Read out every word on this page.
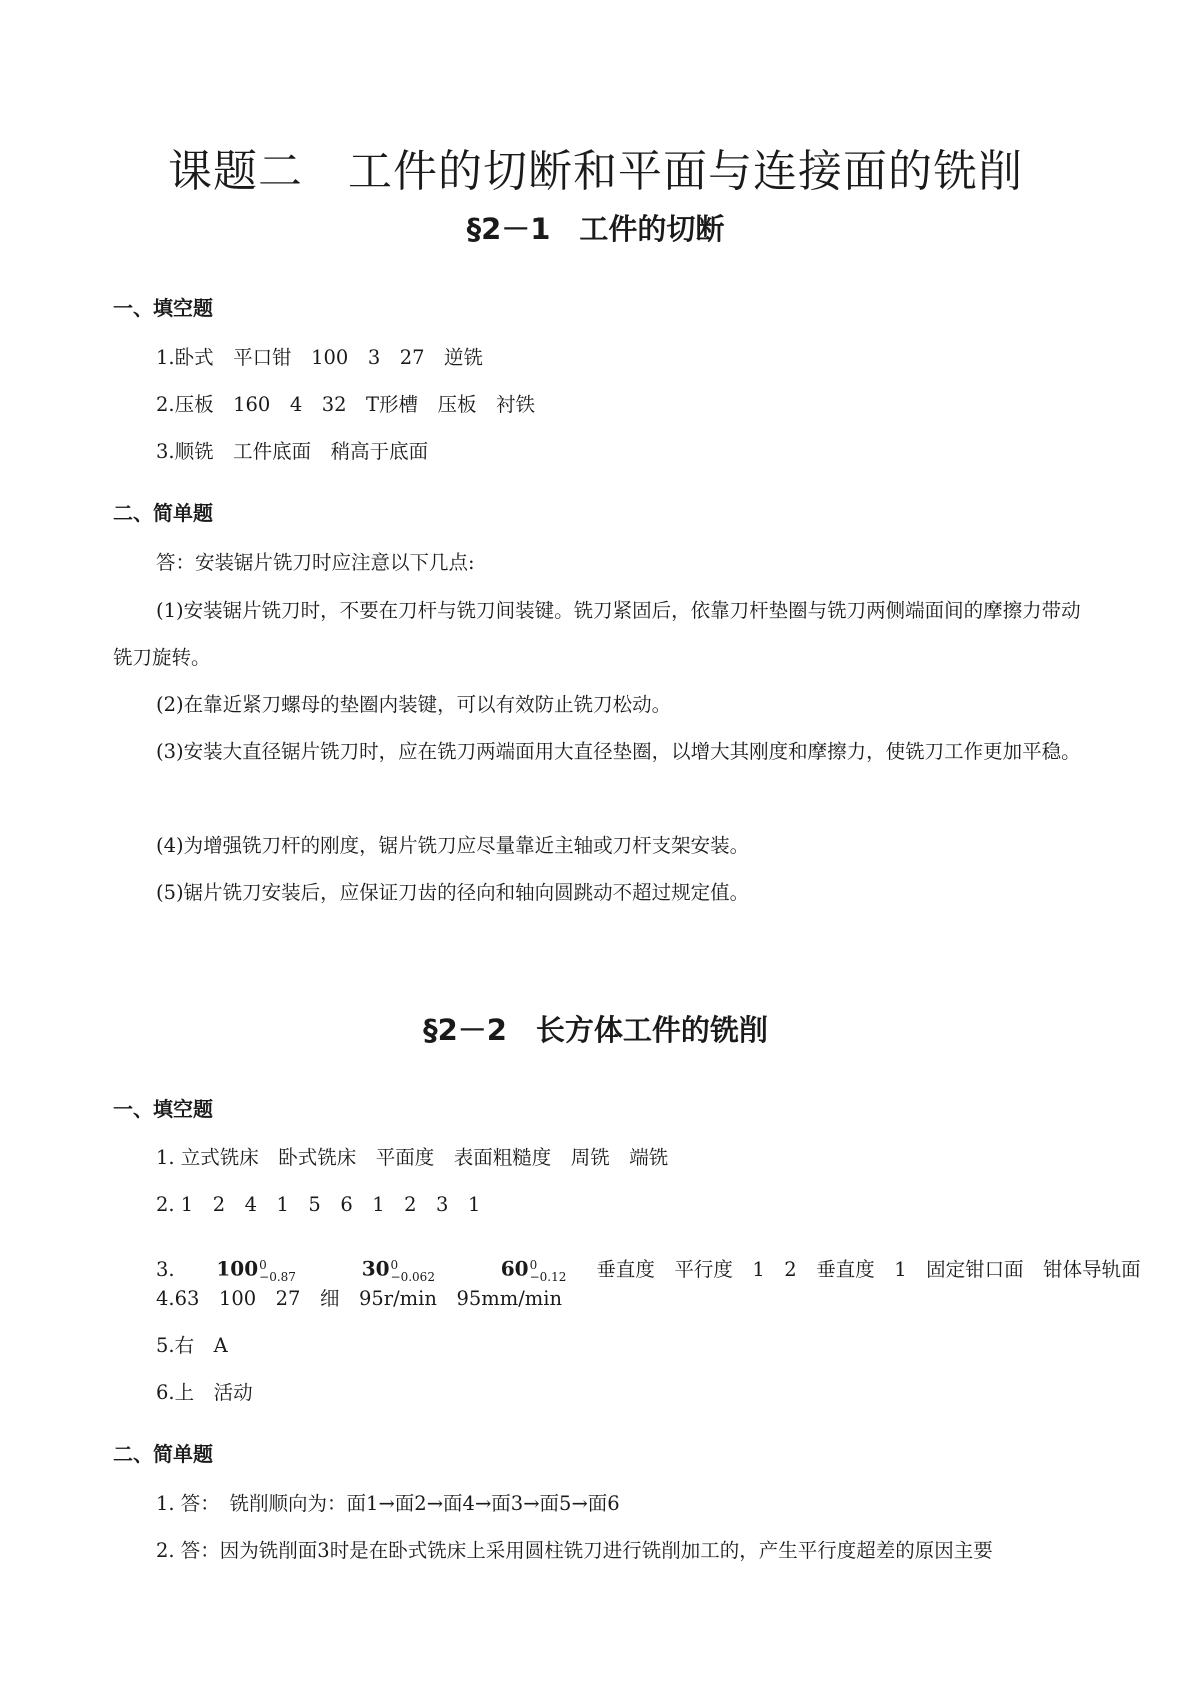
课题二　工件的切断和平面与连接面的铣削
§2－1　工件的切断
一、填空题
1.卧式　平口钳　100　3　27　逆铣
2.压板　160　4　32　T形槽　压板　衬铁
3.顺铣　工件底面　稍高于底面
二、简单题
答：安装锯片铣刀时应注意以下几点:
(1)安装锯片铣刀时，不要在刀杆与铣刀间装键。铣刀紧固后，依靠刀杆垫圈与铣刀两侧端面间的摩擦力带动铣刀旋转。
(2)在靠近紧刀螺母的垫圈内装键，可以有效防止铣刀松动。
(3)安装大直径锯片铣刀时，应在铣刀两端面用大直径垫圈，以增大其刚度和摩擦力，使铣刀工作更加平稳。
(4)为增强铣刀杆的刚度，锯片铣刀应尽量靠近主轴或刀杆支架安装。
(5)锯片铣刀安装后，应保证刀齿的径向和轴向圆跳动不超过规定值。
§2－2　长方体工件的铣削
一、填空题
1. 立式铣床　卧式铣床　平面度　表面粗糙度　周铣　端铣
2. 1　2　4　1　5　6　1　2　3　1
3.	100 0
−0.87

	30 0
−0.062

	60 0
−0.12

垂直度　平行度　1　2　垂直度　1　固定钳口面　钳体导轨面
4.63　100　27　细　95r/min　95mm/min
5.右　A
6.上　活动
二、简单题
1. 答：　铣削顺向为：面1→面2→面4→面3→面5→面6
2. 答：因为铣削面3时是在卧式铣床上采用圆柱铣刀进行铣削加工的，产生平行度超差的原因主要
